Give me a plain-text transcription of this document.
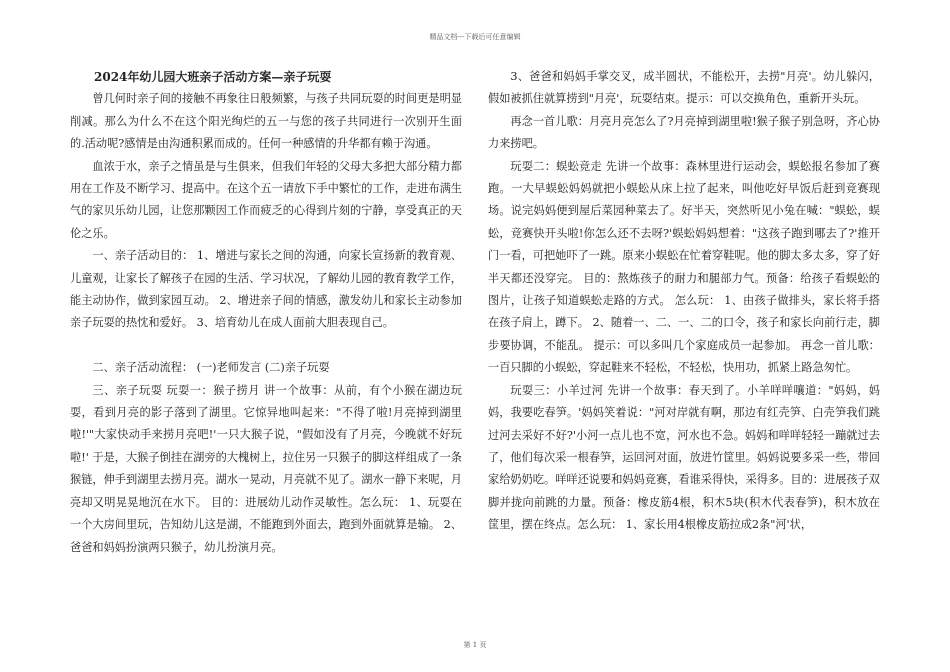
精品文档---下载后可任意编辑

2024年幼儿园大班亲子活动方案—亲子玩耍

曾几何时亲子间的接触不再象往日般频繁，与孩子共同玩耍的时间更是明显削减。那么为什么不在这个阳光绚烂的五一与您的孩子共同进行一次别开生面的.活动呢?感情是由沟通积累而成的。任何一种感情的升华都有赖于沟通。

血浓于水，亲子之情虽是与生俱来，但我们年轻的父母大多把大部分精力都用在工作及不断学习、提高中。在这个五一请放下手中繁忙的工作，走进布满生气的家贝乐幼儿园，让您那颗因工作而疲乏的心得到片刻的宁静，享受真正的天伦之乐。

一、亲子活动目的： 1、增进与家长之间的沟通，向家长宣扬新的教育观、儿童观，让家长了解孩子在园的生活、学习状况，了解幼儿园的教育教学工作，能主动协作，做到家园互动。 2、增进亲子间的情感，激发幼儿和家长主动参加亲子玩耍的热忱和爱好。 3、培育幼儿在成人面前大胆表现自己。

二、亲子活动流程： (一)老师发言 (二)亲子玩耍

三、亲子玩耍 玩耍一：猴子捞月 讲一个故事：从前，有个小猴在湖边玩耍，看到月亮的影子落到了湖里。它惊异地叫起来："不得了啦!月亮掉到湖里啦!'"大家快动手来捞月亮吧!'一只大猴子说，"假如没有了月亮，今晚就不好玩啦!' 于是，大猴子倒挂在湖旁的大槐树上，拉住另一只猴子的脚这样组成了一条猴链，伸手到湖里去捞月亮。湖水一晃动，月亮就不见了。湖水一静下来呢，月亮却又明晃晃地沉在水下。 目的：进展幼儿动作灵敏性。怎么玩： 1、玩耍在一个大房间里玩，告知幼儿这是湖，不能跑到外面去，跑到外面就算是输。 2、爸爸和妈妈扮演两只猴子，幼儿扮演月亮。

3、爸爸和妈妈手掌交叉，成半圆状，不能松开，去捞"月亮'。幼儿躲闪，假如被抓住就算捞到"月亮'，玩耍结束。提示：可以交换角色，重新开头玩。

再念一首儿歌：月亮月亮怎么了?月亮掉到湖里啦!猴子猴子别急呀，齐心协力来捞吧。

玩耍二：蜈蚣竞走 先讲一个故事：森林里进行运动会，蜈蚣报名参加了赛跑。一大早蜈蚣妈妈就把小蜈蚣从床上拉了起来，叫他吃好早饭后赶到竞赛现场。说完妈妈便到屋后菜园种菜去了。好半天，突然听见小兔在喊："蜈蚣，蜈蚣，竞赛快开头啦!你怎么还不去呀?'蜈蚣妈妈想着："这孩子跑到哪去了?'推开门一看，可把她吓了一跳。原来小蜈蚣在忙着穿鞋呢。他的脚太多太多，穿了好半天都还没穿完。 目的：熬炼孩子的耐力和腿部力气。预备：给孩子看蜈蚣的图片，让孩子知道蜈蚣走路的方式。 怎么玩： 1、由孩子做排头，家长将手搭在孩子肩上，蹲下。 2、随着一、二、一、二的口令，孩子和家长向前行走，脚步要协调，不能乱。 提示：可以多叫几个家庭成员一起参加。 再念一首儿歌：一百只脚的小蜈蚣，穿起鞋来不轻松，不轻松，快用功，抓紧上路急匆忙。

玩耍三：小羊过河 先讲一个故事：春天到了。小羊咩咩嚷道："妈妈，妈妈，我要吃春笋。'妈妈笑着说："河对岸就有啊，那边有红壳笋、白壳笋我们跳过河去采好不好?'小河一点儿也不宽，河水也不急。妈妈和咩咩轻轻一蹦就过去了，他们每次采一根春笋，运回河对面，放进竹筐里。妈妈说要多采一些，带回家给奶奶吃。咩咩还说要和妈妈竞赛，看谁采得快，采得多。目的：进展孩子双脚并拢向前跳的力量。预备：橡皮筋4根，积木5块(积木代表春笋)，积木放在筐里，摆在终点。怎么玩： 1、家长用4根橡皮筋拉成2条"河'状，

第 1 页
